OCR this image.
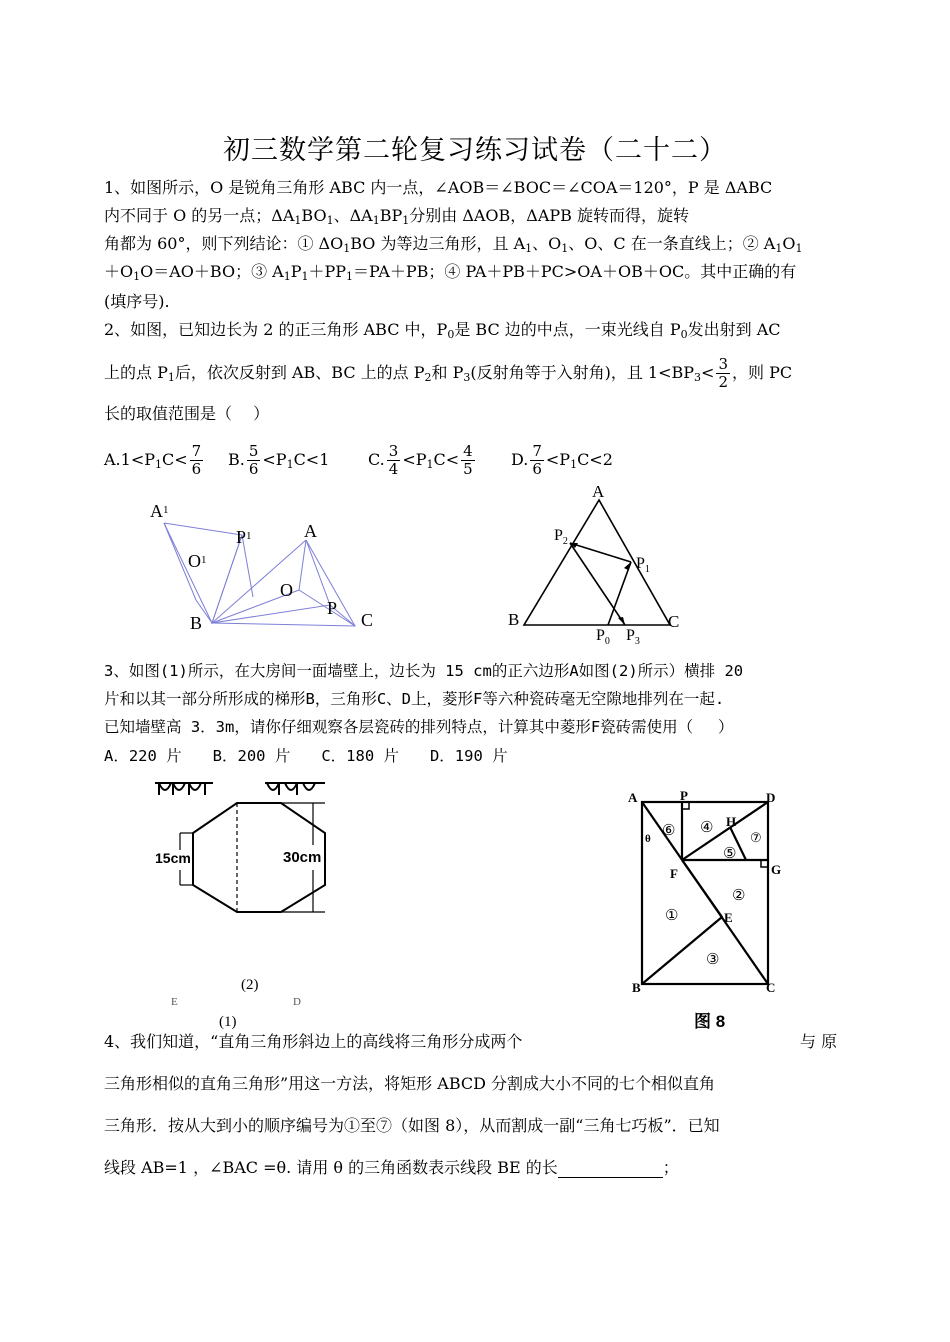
初三数学第二轮复习练习试卷（二十二）
1、如图所示，O 是锐角三角形 ABC 内一点，∠AOB＝∠BOC＝∠COA＝120°，P 是 ΔABC
内不同于 O 的另一点；$\Delta A_1BO_1$、$\Delta A_1BP_1$分别由 ΔAOB，ΔAPB 旋转而得，旋转
角都为 60°，则下列结论：① $\Delta O_1BO$ 为等边三角形，且 $A_1$、$O_1$、O、C 在一条直线上；② $A_1O_1$
$+O_1O=AO+BO$；③ $A_1P_1+PP_1=PA+PB$；④ PA＋PB＋PC>OA＋OB＋OC。其中正确的有
(填序号).
2、如图，已知边长为 2 的正三角形 ABC 中，$P_0$是 BC 边的中点，一束光线自 $P_0$发出射到 AC
上的点 $P_1$后，依次反射到 AB、BC 上的点 $P_2$和 $P_3$(反射角等于入射角)，且 $1<BP_3< \frac{3}{2}$ ，则 PC
长的取值范围是（　 ）
$A.1<P_1C< \frac{7}{6} B$. $\frac{5}{6} <P_1C<1$ C. $\frac{3}{4} <P_1C< \frac{4}{5} D$. $\frac{7}{6} <P_1C<2$
$A^1$
$P^1$
$O^1$
A
O
P
B	C
A
$P_2$
$P_1$
B	C
$P_0$ $P_3$
3、如图(1)所示，在大房间一面墙壁上，边长为 15 cm的正六边形A如图(2)所示）横排 20
片和以其一部分所形成的梯形B，三角形C、D上，菱形F等六种瓷砖毫无空隙地排列在一起.
已知墙壁高 3．3m，请你仔细观察各层瓷砖的排列特点，计算其中菱形F瓷砖需使用（　 ）
A．220 片　　B．200 片　　C．180 片　　D．190 片
15cm	30cm
(2)
(1)
E	D
A	P	D
H
F	G
E
B	C
θ
①
②
③
④
⑤
⑥	⑦
图 8
4、我们知道，“直角三角形斜边上的高线将三角形分成两个	与 原
三角形相似的直角三角形”用这一方法，将矩形 ABCD 分割成大小不同的七个相似直角
三角形．按从大到小的顺序编号为①至⑦（如图 8），从而割成一副“三角七巧板”．已知
线段 AB=1 ，∠BAC =θ. 请用 θ 的三角函数表示线段 BE 的长	；
